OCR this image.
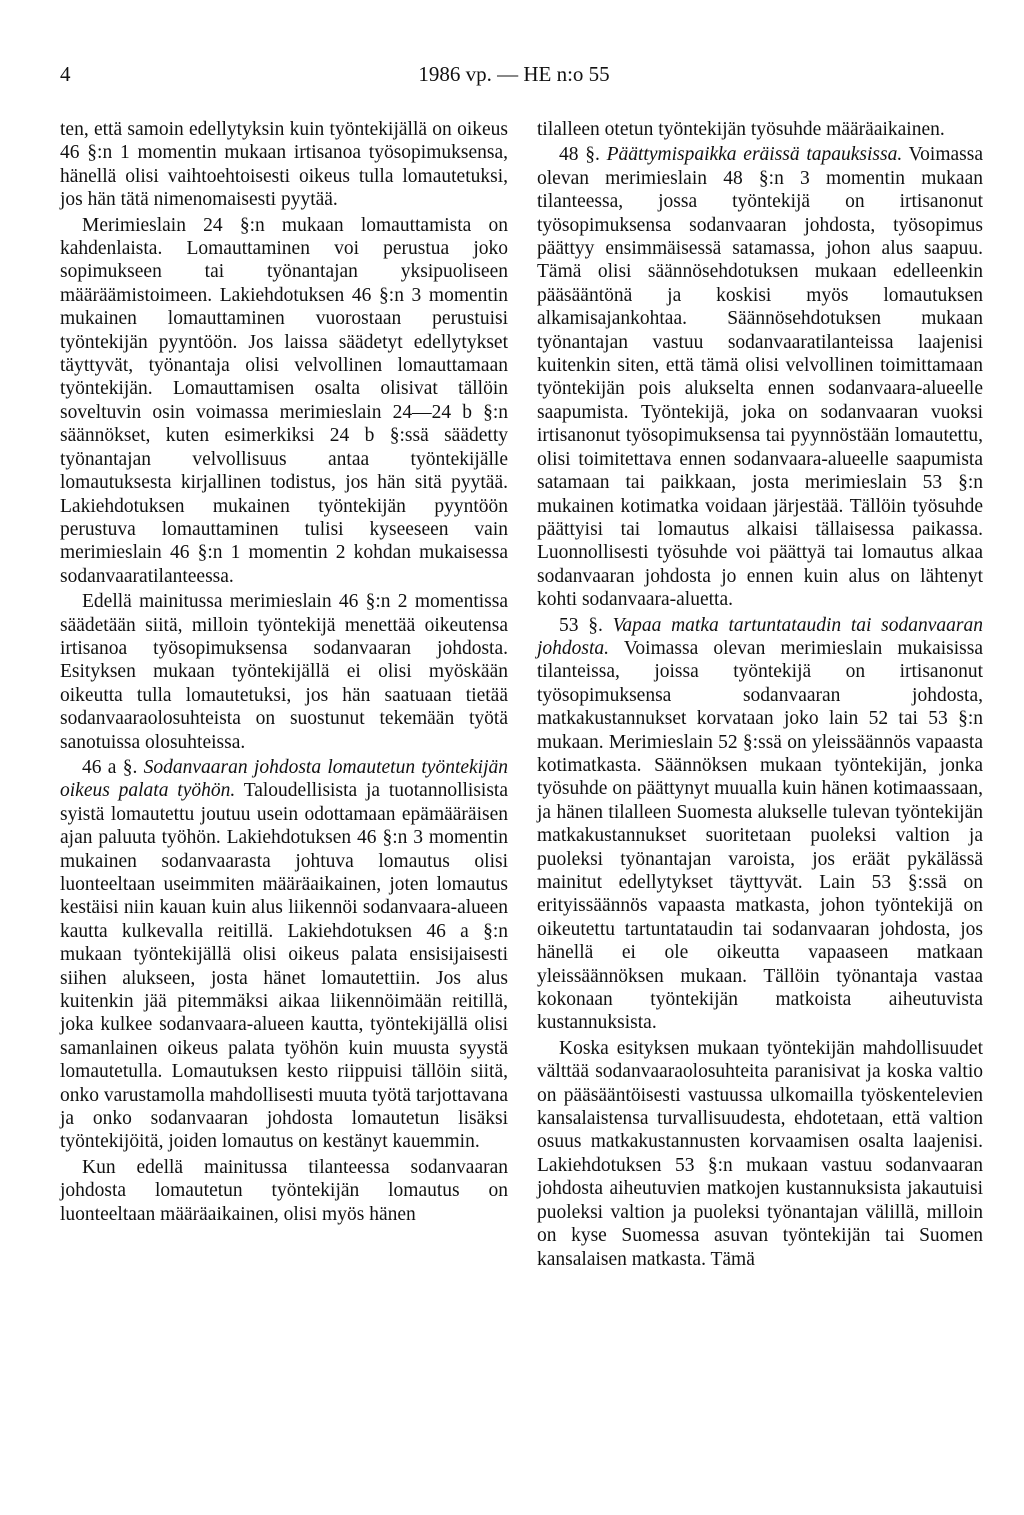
4	1986 vp. — HE n:o 55

ten, että samoin edellytyksin kuin työntekijällä on oikeus 46 §:n 1 momentin mukaan irtisanoa työsopimuksensa, hänellä olisi vaihtoehtoisesti oikeus tulla lomautetuksi, jos hän tätä nimenomaisesti pyytää.

Merimieslain 24 §:n mukaan lomauttamista on kahdenlaista. Lomauttaminen voi perustua joko sopimukseen tai työnantajan yksipuoliseen määräämistoimeen. Lakiehdotuksen 46 §:n 3 momentin mukainen lomauttaminen vuorostaan perustuisi työntekijän pyyntöön. Jos laissa säädetyt edellytykset täyttyvät, työnantaja olisi velvollinen lomauttamaan työntekijän. Lomauttamisen osalta olisivat tällöin soveltuvin osin voimassa merimieslain 24—24 b §:n säännökset, kuten esimerkiksi 24 b §:ssä säädetty työnantajan velvollisuus antaa työntekijälle lomautuksesta kirjallinen todistus, jos hän sitä pyytää. Lakiehdotuksen mukainen työntekijän pyyntöön perustuva lomauttaminen tulisi kyseeseen vain merimieslain 46 §:n 1 momentin 2 kohdan mukaisessa sodanvaaratilanteessa.

Edellä mainitussa merimieslain 46 §:n 2 momentissa säädetään siitä, milloin työntekijä menettää oikeutensa irtisanoa työsopimuksensa sodanvaaran johdosta. Esityksen mukaan työntekijällä ei olisi myöskään oikeutta tulla lomautetuksi, jos hän saatuaan tietää sodanvaaraolosuhteista on suostunut tekemään työtä sanotuissa olosuhteissa.

46 a §. Sodanvaaran johdosta lomautetun työntekijän oikeus palata työhön. Taloudellisista ja tuotannollisista syistä lomautettu joutuu usein odottamaan epämääräisen ajan paluuta työhön. Lakiehdotuksen 46 §:n 3 momentin mukainen sodanvaarasta johtuva lomautus olisi luonteeltaan useimmiten määräaikainen, joten lomautus kestäisi niin kauan kuin alus liikennöi sodanvaara-alueen kautta kulkevalla reitillä. Lakiehdotuksen 46 a §:n mukaan työntekijällä olisi oikeus palata ensisijaisesti siihen alukseen, josta hänet lomautettiin. Jos alus kuitenkin jää pitemmäksi aikaa liikennöimään reitillä, joka kulkee sodanvaara-alueen kautta, työntekijällä olisi samanlainen oikeus palata työhön kuin muusta syystä lomautetulla. Lomautuksen kesto riippuisi tällöin siitä, onko varustamolla mahdollisesti muuta työtä tarjottavana ja onko sodanvaaran johdosta lomautetun lisäksi työntekijöitä, joiden lomautus on kestänyt kauemmin.

Kun edellä mainitussa tilanteessa sodanvaaran johdosta lomautetun työntekijän lomautus on luonteeltaan määräaikainen, olisi myös hänen

tilalleen otetun työntekijän työsuhde määräaikainen.

48 §. Päättymispaikka eräissä tapauksissa. Voimassa olevan merimieslain 48 §:n 3 momentin mukaan tilanteessa, jossa työntekijä on irtisanonut työsopimuksensa sodanvaaran johdosta, työsopimus päättyy ensimmäisessä satamassa, johon alus saapuu. Tämä olisi säännösehdotuksen mukaan edelleenkin pääsääntönä ja koskisi myös lomautuksen alkamisajankohtaa. Säännösehdotuksen mukaan työnantajan vastuu sodanvaaratilanteissa laajenisi kuitenkin siten, että tämä olisi velvollinen toimittamaan työntekijän pois alukselta ennen sodanvaara-alueelle saapumista. Työntekijä, joka on sodanvaaran vuoksi irtisanonut työsopimuksensa tai pyynnöstään lomautettu, olisi toimitettava ennen sodanvaara-alueelle saapumista satamaan tai paikkaan, josta merimieslain 53 §:n mukainen kotimatka voidaan järjestää. Tällöin työsuhde päättyisi tai lomautus alkaisi tällaisessa paikassa. Luonnollisesti työsuhde voi päättyä tai lomautus alkaa sodanvaaran johdosta jo ennen kuin alus on lähtenyt kohti sodanvaara-aluetta.

53 §. Vapaa matka tartuntataudin tai sodanvaaran johdosta. Voimassa olevan merimieslain mukaisissa tilanteissa, joissa työntekijä on irtisanonut työsopimuksensa sodanvaaran johdosta, matkakustannukset korvataan joko lain 52 tai 53 §:n mukaan. Merimieslain 52 §:ssä on yleissäännös vapaasta kotimatkasta. Säännöksen mukaan työntekijän, jonka työsuhde on päättynyt muualla kuin hänen kotimaassaan, ja hänen tilalleen Suomesta alukselle tulevan työntekijän matkakustannukset suoritetaan puoleksi valtion ja puoleksi työnantajan varoista, jos eräät pykälässä mainitut edellytykset täyttyvät. Lain 53 §:ssä on erityissäännös vapaasta matkasta, johon työntekijä on oikeutettu tartuntataudin tai sodanvaaran johdosta, jos hänellä ei ole oikeutta vapaaseen matkaan yleissäännöksen mukaan. Tällöin työnantaja vastaa kokonaan työntekijän matkoista aiheutuvista kustannuksista.

Koska esityksen mukaan työntekijän mahdollisuudet välttää sodanvaaraolosuhteita paranisivat ja koska valtio on pääsääntöisesti vastuussa ulkomailla työskentelevien kansalaistensa turvallisuudesta, ehdotetaan, että valtion osuus matkakustannusten korvaamisen osalta laajenisi. Lakiehdotuksen 53 §:n mukaan vastuu sodanvaaran johdosta aiheutuvien matkojen kustannuksista jakautuisi puoleksi valtion ja puoleksi työnantajan välillä, milloin on kyse Suomessa asuvan työntekijän tai Suomen kansalaisen matkasta. Tämä
